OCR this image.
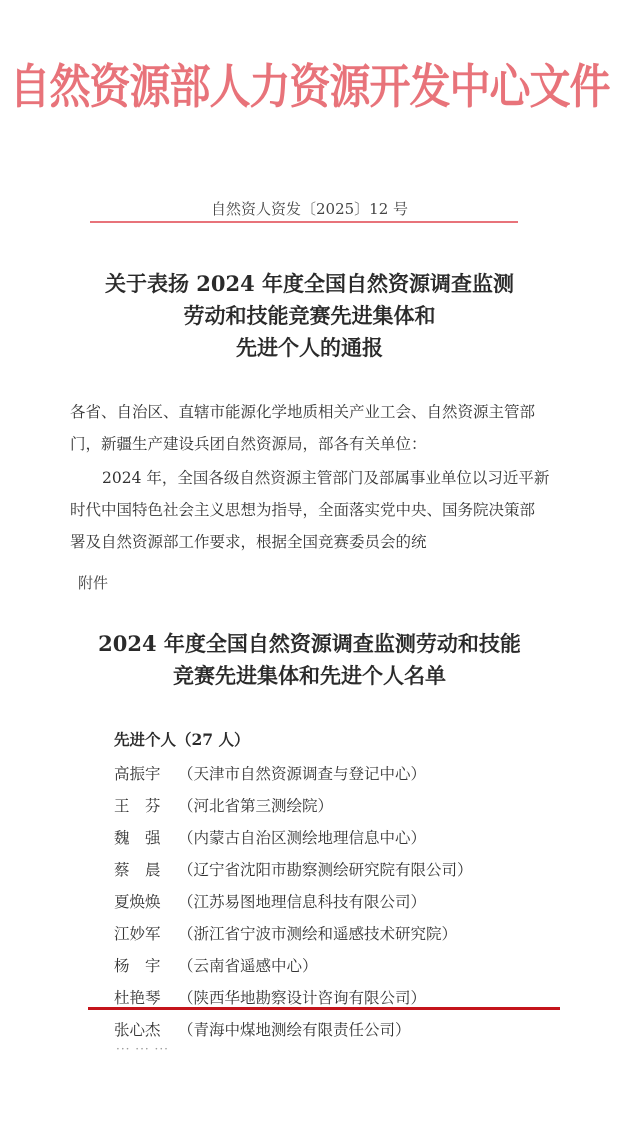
自然资源部人力资源开发中心文件
自然资人资发〔2025〕12 号
关于表扬 2024 年度全国自然资源调查监测
劳动和技能竞赛先进集体和
先进个人的通报
各省、自治区、直辖市能源化学地质相关产业工会、自然资源主管部门，新疆生产建设兵团自然资源局，部各有关单位：
2024 年，全国各级自然资源主管部门及部属事业单位以习近平新时代中国特色社会主义思想为指导，全面落实党中央、国务院决策部署及自然资源部工作要求，根据全国竞赛委员会的统
附件
2024 年度全国自然资源调查监测劳动和技能
竞赛先进集体和先进个人名单
先进个人（27 人）
高振宇 （天津市自然资源调查与登记中心）
王　芬 （河北省第三测绘院）
魏　强 （内蒙古自治区测绘地理信息中心）
蔡　晨 （辽宁省沈阳市勘察测绘研究院有限公司）
夏焕焕 （江苏易图地理信息科技有限公司）
江妙军 （浙江省宁波市测绘和遥感技术研究院）
杨　宇 （云南省遥感中心）
杜艳琴 （陕西华地勘察设计咨询有限公司）
张心杰 （青海中煤地测绘有限责任公司）
··· ··· ···
